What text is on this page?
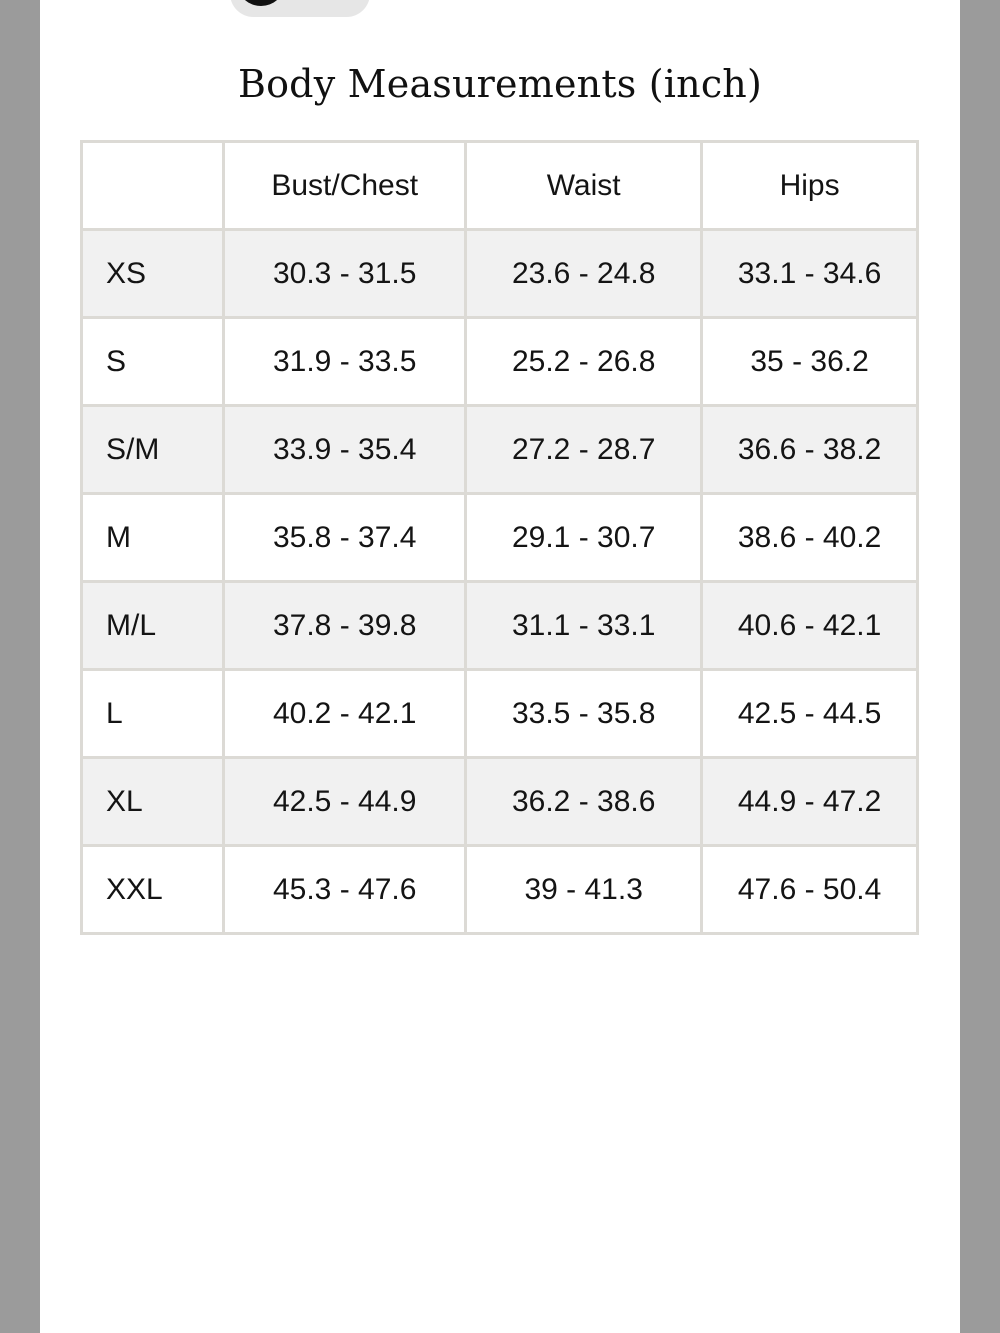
Body Measurements (inch)
	Bust/Chest	Waist	Hips
XS	30.3 - 31.5	23.6 - 24.8	33.1 - 34.6
S	31.9 - 33.5	25.2 - 26.8	35 - 36.2
S/M	33.9 - 35.4	27.2 - 28.7	36.6 - 38.2
M	35.8 - 37.4	29.1 - 30.7	38.6 - 40.2
M/L	37.8 - 39.8	31.1 - 33.1	40.6 - 42.1
L	40.2 - 42.1	33.5 - 35.8	42.5 - 44.5
XL	42.5 - 44.9	36.2 - 38.6	44.9 - 47.2
XXL	45.3 - 47.6	39 - 41.3	47.6 - 50.4
